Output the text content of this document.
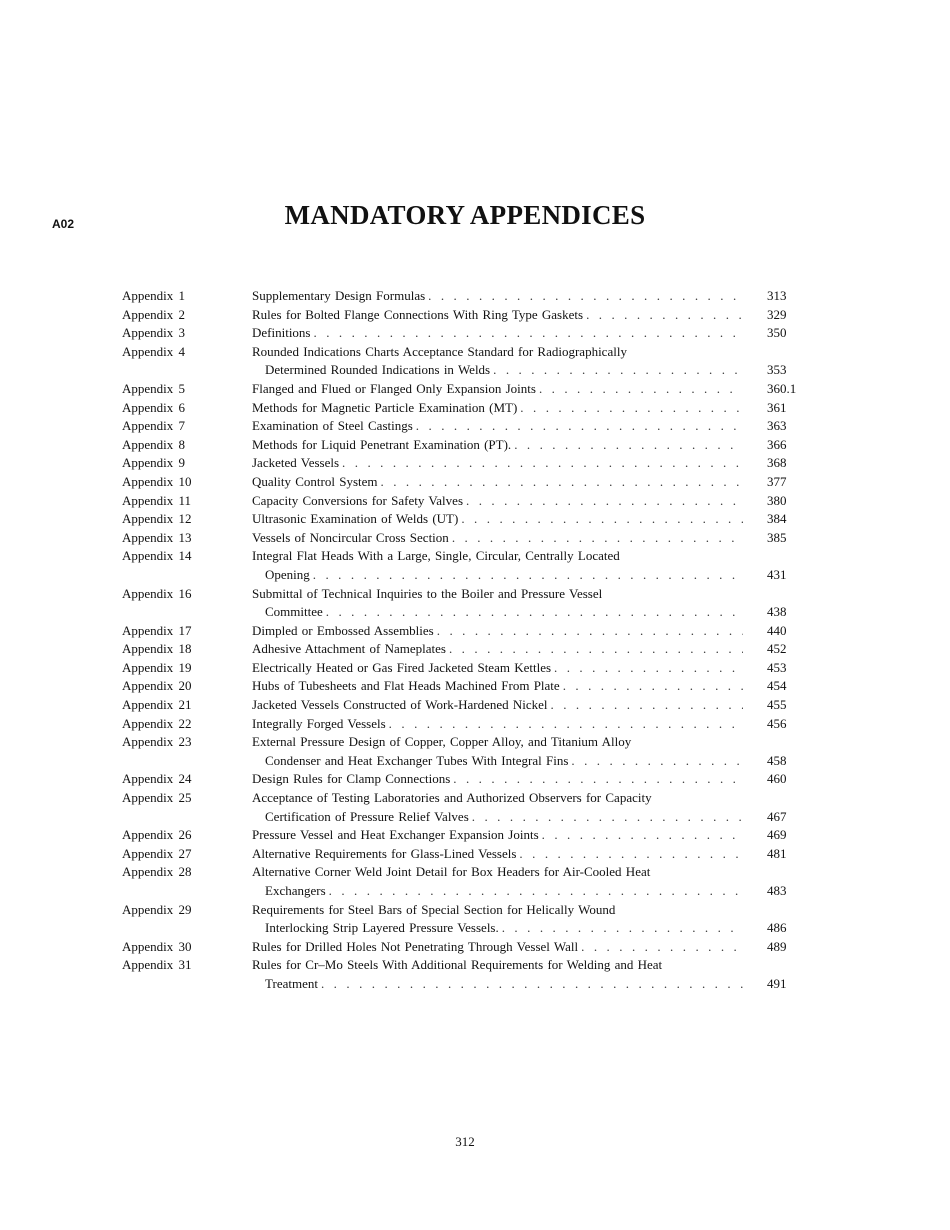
A02	MANDATORY APPENDICES
Appendix 1	Supplementary Design Formulas . . .	313
Appendix 2	Rules for Bolted Flange Connections With Ring Type Gaskets . . .	329
Appendix 3	Definitions . . .	350
Appendix 4	Rounded Indications Charts Acceptance Standard for Radiographically
Determined Rounded Indications in Welds . . .	353
Appendix 5	Flanged and Flued or Flanged Only Expansion Joints . . .	360.1
Appendix 6	Methods for Magnetic Particle Examination (MT) . . .	361
Appendix 7	Examination of Steel Castings . . .	363
Appendix 8	Methods for Liquid Penetrant Examination (PT). . . .	366
Appendix 9	Jacketed Vessels . . .	368
Appendix 10	Quality Control System . . .	377
Appendix 11	Capacity Conversions for Safety Valves . . .	380
Appendix 12	Ultrasonic Examination of Welds (UT) . . .	384
Appendix 13	Vessels of Noncircular Cross Section . . .	385
Appendix 14	Integral Flat Heads With a Large, Single, Circular, Centrally Located
Opening . . .	431
Appendix 16	Submittal of Technical Inquiries to the Boiler and Pressure Vessel
Committee . . .	438
Appendix 17	Dimpled or Embossed Assemblies . . .	440
Appendix 18	Adhesive Attachment of Nameplates . . .	452
Appendix 19	Electrically Heated or Gas Fired Jacketed Steam Kettles . . .	453
Appendix 20	Hubs of Tubesheets and Flat Heads Machined From Plate . . .	454
Appendix 21	Jacketed Vessels Constructed of Work-Hardened Nickel . . .	455
Appendix 22	Integrally Forged Vessels . . .	456
Appendix 23	External Pressure Design of Copper, Copper Alloy, and Titanium Alloy
Condenser and Heat Exchanger Tubes With Integral Fins . . .	458
Appendix 24	Design Rules for Clamp Connections . . .	460
Appendix 25	Acceptance of Testing Laboratories and Authorized Observers for Capacity
Certification of Pressure Relief Valves . . .	467
Appendix 26	Pressure Vessel and Heat Exchanger Expansion Joints . . .	469
Appendix 27	Alternative Requirements for Glass-Lined Vessels . . .	481
Appendix 28	Alternative Corner Weld Joint Detail for Box Headers for Air-Cooled Heat
Exchangers . . .	483
Appendix 29	Requirements for Steel Bars of Special Section for Helically Wound
Interlocking Strip Layered Pressure Vessels. . . .	486
Appendix 30	Rules for Drilled Holes Not Penetrating Through Vessel Wall . . .	489
Appendix 31	Rules for Cr–Mo Steels With Additional Requirements for Welding and Heat
Treatment . . .	491
312
